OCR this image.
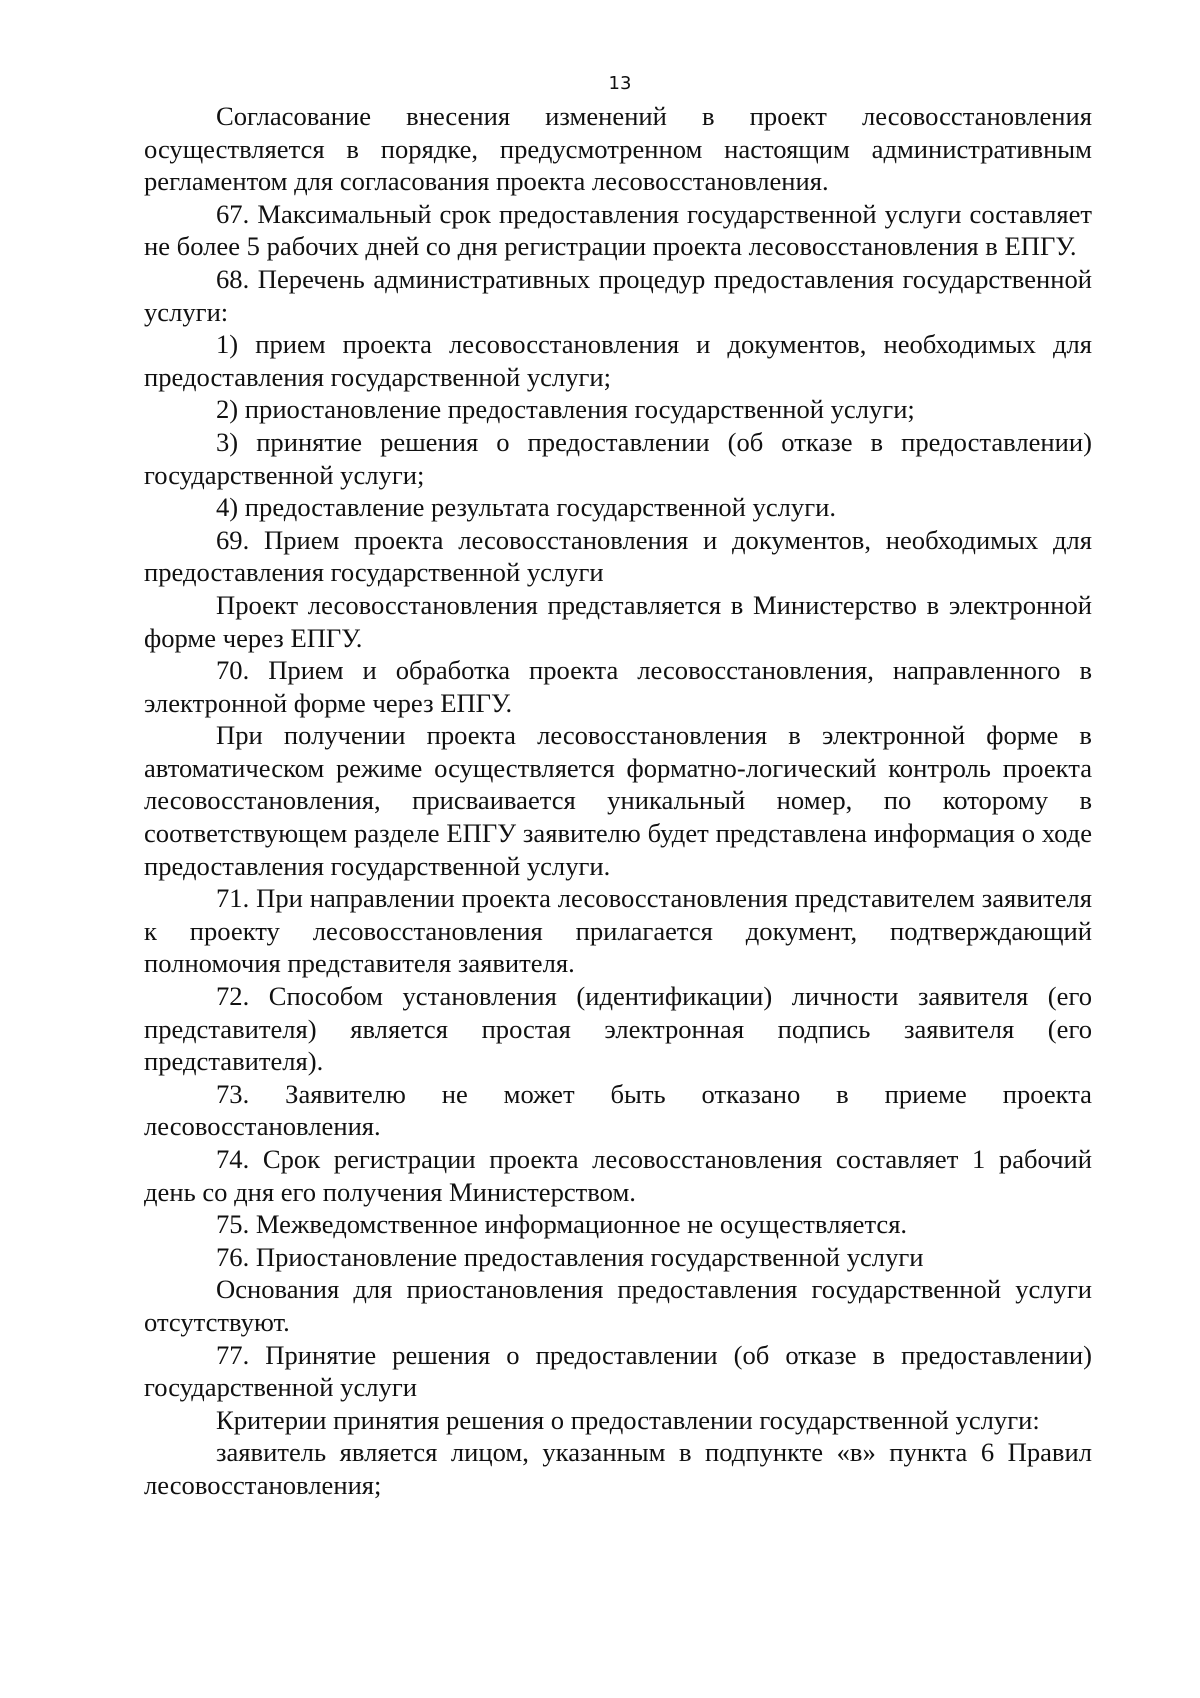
13

Согласование внесения изменений в проект лесовосстановления осуществляется в порядке, предусмотренном настоящим административным регламентом для согласования проекта лесовосстановления.

67. Максимальный срок предоставления государственной услуги составляет не более 5 рабочих дней со дня регистрации проекта лесовосстановления в ЕПГУ.

68. Перечень административных процедур предоставления государственной услуги:

1) прием проекта лесовосстановления и документов, необходимых для предоставления государственной услуги;

2) приостановление предоставления государственной услуги;

3) принятие решения о предоставлении (об отказе в предоставлении) государственной услуги;

4) предоставление результата государственной услуги.

69. Прием проекта лесовосстановления и документов, необходимых для предоставления государственной услуги

Проект лесовосстановления представляется в Министерство в электронной форме через ЕПГУ.

70. Прием и обработка проекта лесовосстановления, направленного в электронной форме через ЕПГУ.

При получении проекта лесовосстановления в электронной форме в автоматическом режиме осуществляется форматно-логический контроль проекта лесовосстановления, присваивается уникальный номер, по которому в соответствующем разделе ЕПГУ заявителю будет представлена информация о ходе предоставления государственной услуги.

71. При направлении проекта лесовосстановления представителем заявителя к проекту лесовосстановления прилагается документ, подтверждающий полномочия представителя заявителя.

72. Способом установления (идентификации) личности заявителя (его представителя) является простая электронная подпись заявителя (его представителя).

73. Заявителю не может быть отказано в приеме проекта лесовосстановления.

74. Срок регистрации проекта лесовосстановления составляет 1 рабочий день со дня его получения Министерством.

75. Межведомственное информационное не осуществляется.

76. Приостановление предоставления государственной услуги

Основания для приостановления предоставления государственной услуги отсутствуют.

77. Принятие решения о предоставлении (об отказе в предоставлении) государственной услуги

Критерии принятия решения о предоставлении государственной услуги:

заявитель является лицом, указанным в подпункте «в» пункта 6 Правил лесовосстановления;
